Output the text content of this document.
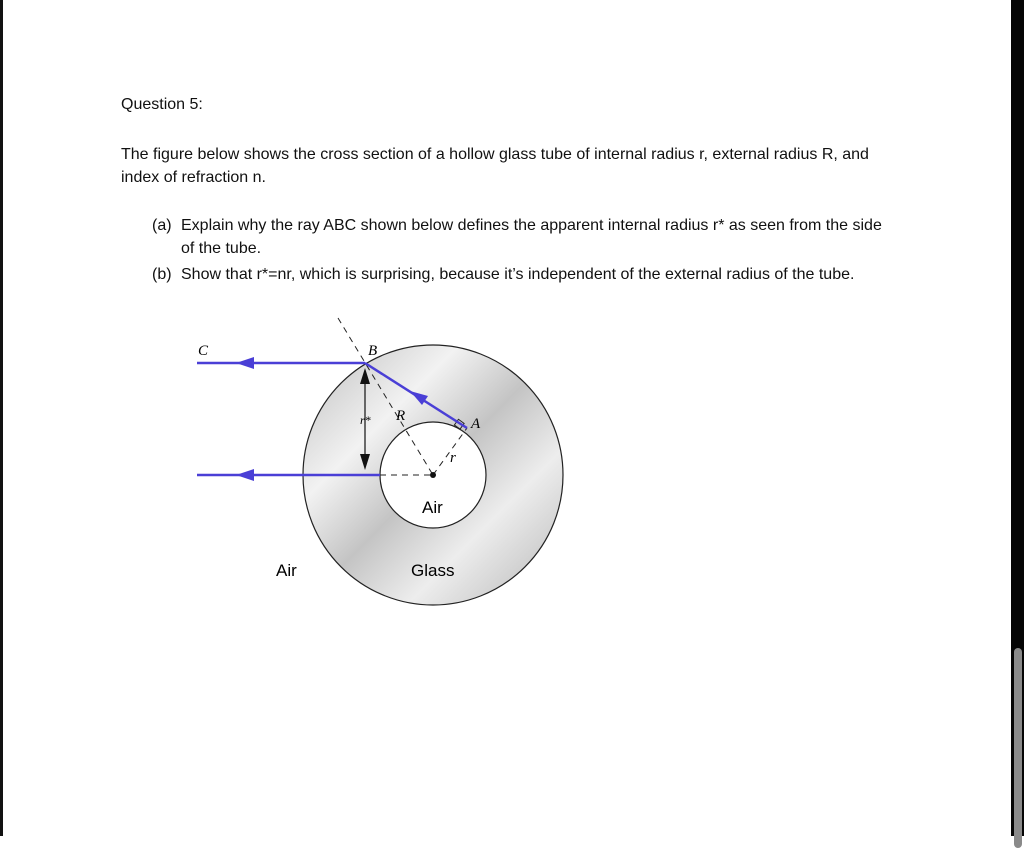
Question 5:
The figure below shows the cross section of a hollow glass tube of internal radius r, external radius R, and index of refraction n.
(a) Explain why the ray ABC shown below defines the apparent internal radius r* as seen from the side of the tube.
(b) Show that r*=nr, which is surprising, because it’s independent of the external radius of the tube.
C	B
A
R
r
r*
Air
Air	Glass
